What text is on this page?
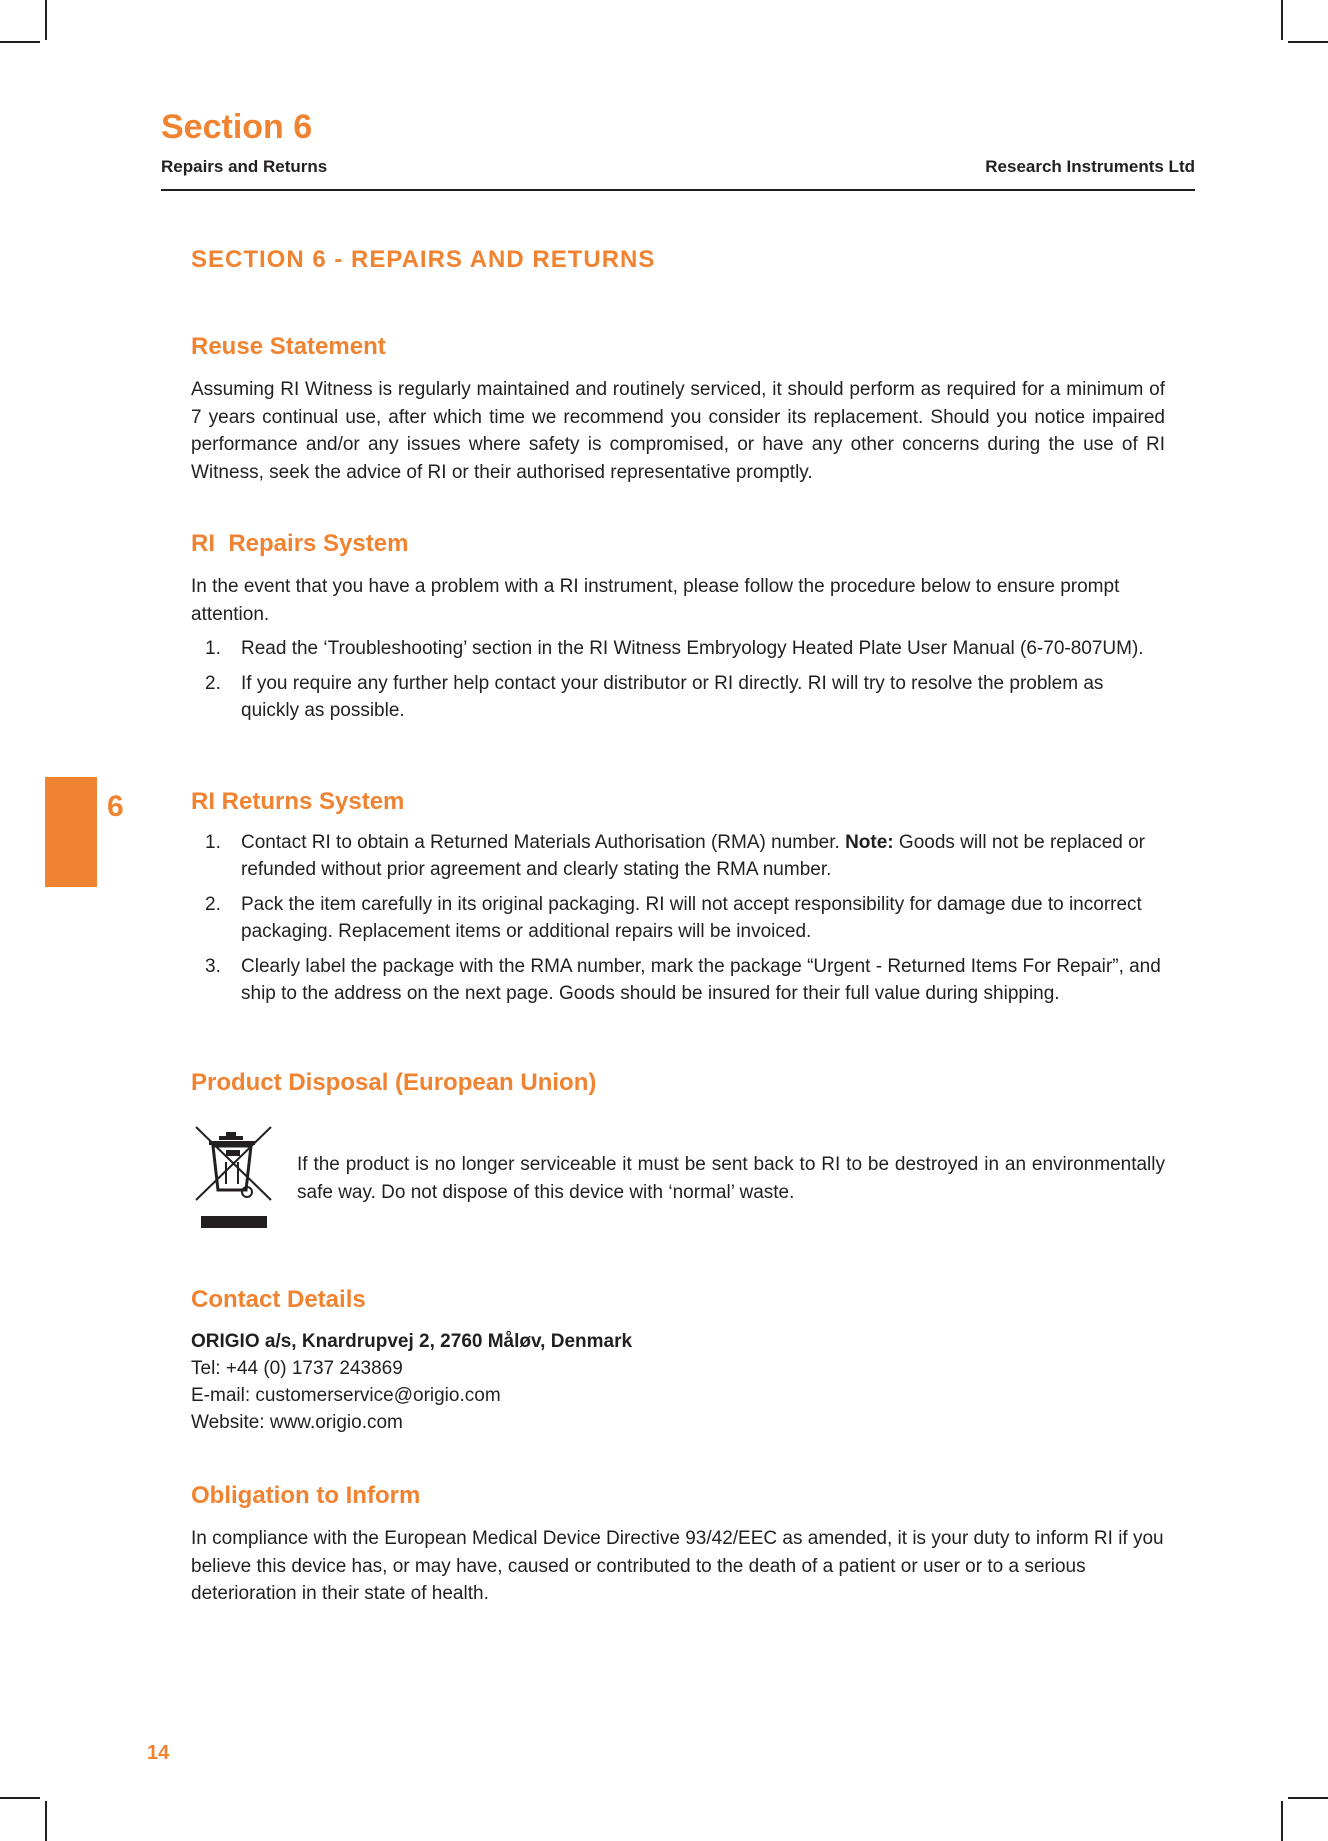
Section 6
Repairs and Returns	Research Instruments Ltd
SECTION 6 - REPAIRS AND RETURNS
Reuse Statement
Assuming RI Witness is regularly maintained and routinely serviced, it should perform as required for a minimum of 7 years continual use, after which time we recommend you consider its replacement. Should you notice impaired performance and/or any issues where safety is compromised, or have any other concerns during the use of RI Witness, seek the advice of RI or their authorised representative promptly.
RI  Repairs System
In the event that you have a problem with a RI instrument, please follow the procedure below to ensure prompt attention.
1. Read the ‘Troubleshooting’ section in the RI Witness Embryology Heated Plate User Manual (6-70-807UM).
2. If you require any further help contact your distributor or RI directly. RI will try to resolve the problem as quickly as possible.
6	RI Returns System
1. Contact RI to obtain a Returned Materials Authorisation (RMA) number. Note: Goods will not be replaced or refunded without prior agreement and clearly stating the RMA number.
2. Pack the item carefully in its original packaging. RI will not accept responsibility for damage due to incorrect packaging. Replacement items or additional repairs will be invoiced.
3. Clearly label the package with the RMA number, mark the package “Urgent - Returned Items For Repair”, and ship to the address on the next page. Goods should be insured for their full value during shipping.
Product Disposal (European Union)
If the product is no longer serviceable it must be sent back to RI to be destroyed in an environmentally safe way. Do not dispose of this device with ‘normal’ waste.
Contact Details
ORIGIO a/s, Knardrupvej 2, 2760 Måløv, Denmark
Tel: +44 (0) 1737 243869
E-mail: customerservice@origio.com
Website: www.origio.com
Obligation to Inform
In compliance with the European Medical Device Directive 93/42/EEC as amended, it is your duty to inform RI if you believe this device has, or may have, caused or contributed to the death of a patient or user or to a serious deterioration in their state of health.
14
